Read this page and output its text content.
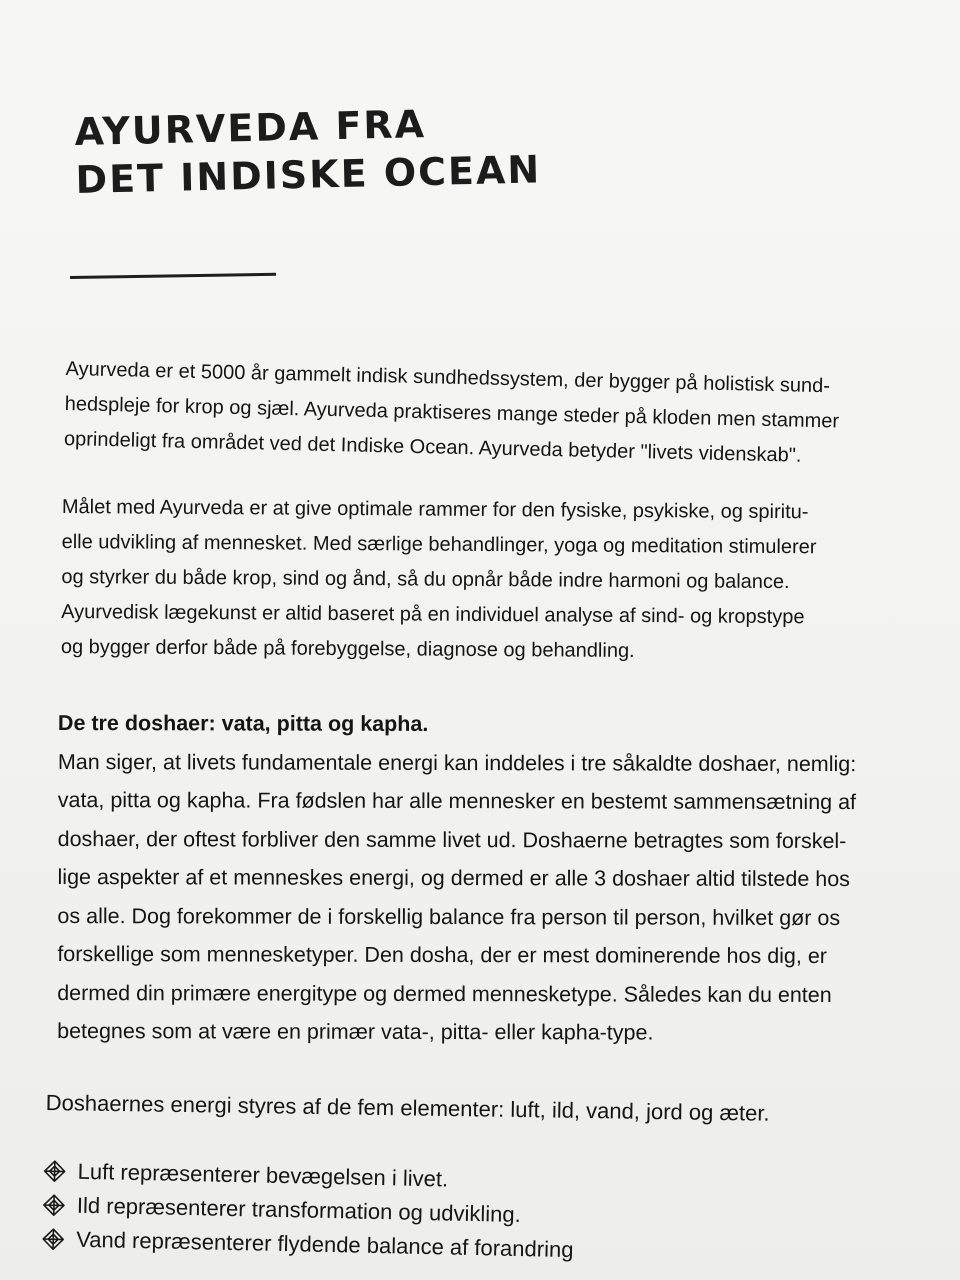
AYURVEDA FRA
DET INDISKE OCEAN

Ayurveda er et 5000 år gammelt indisk sundhedssystem, der bygger på holistisk sund-
hedspleje for krop og sjæl. Ayurveda praktiseres mange steder på kloden men stammer
oprindeligt fra området ved det Indiske Ocean. Ayurveda betyder "livets videnskab".

Målet med Ayurveda er at give optimale rammer for den fysiske, psykiske, og spiritu-
elle udvikling af mennesket. Med særlige behandlinger, yoga og meditation stimulerer
og styrker du både krop, sind og ånd, så du opnår både indre harmoni og balance.
Ayurvedisk lægekunst er altid baseret på en individuel analyse af sind- og kropstype
og bygger derfor både på forebyggelse, diagnose og behandling.

De tre doshaer: vata, pitta og kapha.
Man siger, at livets fundamentale energi kan inddeles i tre såkaldte doshaer, nemlig:
vata, pitta og kapha. Fra fødslen har alle mennesker en bestemt sammensætning af
doshaer, der oftest forbliver den samme livet ud. Doshaerne betragtes som forskel-
lige aspekter af et menneskes energi, og dermed er alle 3 doshaer altid tilstede hos
os alle. Dog forekommer de i forskellig balance fra person til person, hvilket gør os
forskellige som mennesketyper. Den dosha, der er mest dominerende hos dig, er
dermed din primære energitype og dermed mennesketype. Således kan du enten
betegnes som at være en primær vata-, pitta- eller kapha-type.

Doshaernes energi styres af de fem elementer: luft, ild, vand, jord og æter.

Luft repræsenterer bevægelsen i livet.
Ild repræsenterer transformation og udvikling.
Vand repræsenterer flydende balance af forandring
